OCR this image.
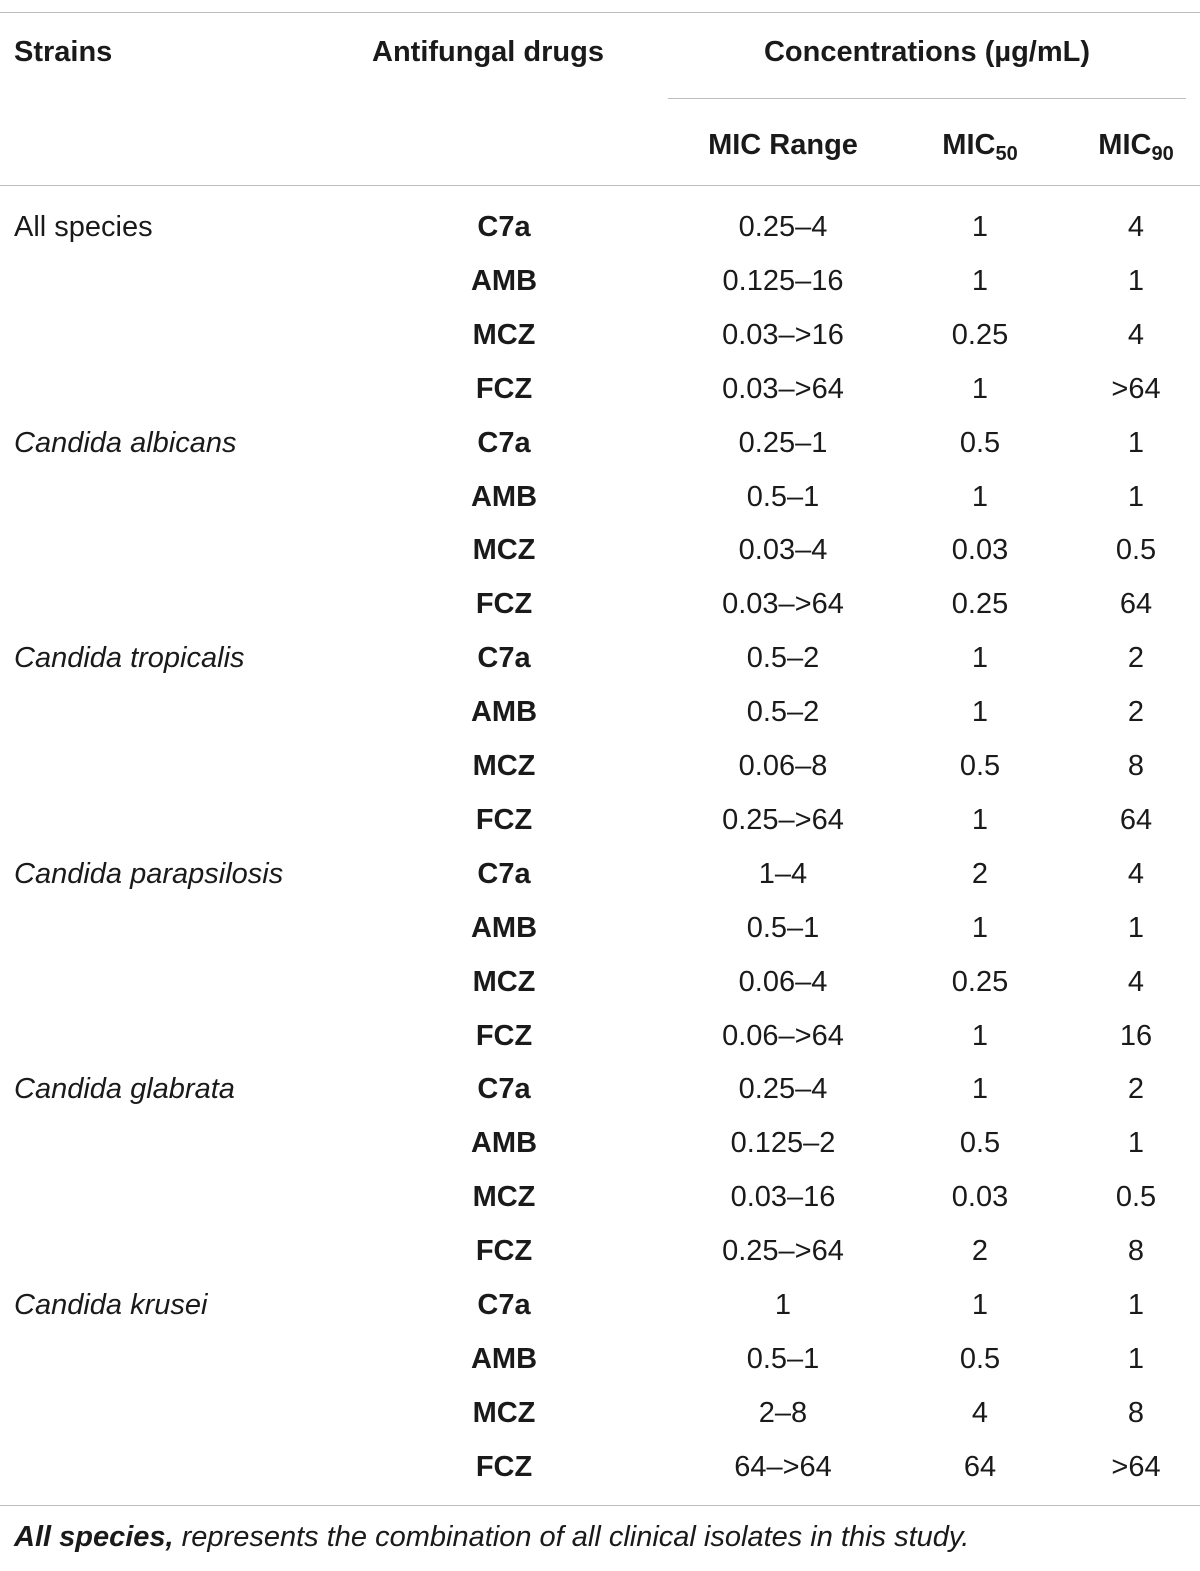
Strains	Antifungal drugs	Concentrations (µg/mL)
MIC Range	$MIC_{50}$	$MIC_{90}$
All species	C7a	0.25–4	1	4
AMB	0.125–16	1	1
MCZ	0.03–>16	0.25	4
FCZ	0.03–>64	1	>64
Candida albicans	C7a	0.25–1	0.5	1
AMB	0.5–1	1	1
MCZ	0.03–4	0.03	0.5
FCZ	0.03–>64	0.25	64
Candida tropicalis	C7a	0.5–2	1	2
AMB	0.5–2	1	2
MCZ	0.06–8	0.5	8
FCZ	0.25–>64	1	64
Candida parapsilosis	C7a	1–4	2	4
AMB	0.5–1	1	1
MCZ	0.06–4	0.25	4
FCZ	0.06–>64	1	16
Candida glabrata	C7a	0.25–4	1	2
AMB	0.125–2	0.5	1
MCZ	0.03–16	0.03	0.5
FCZ	0.25–>64	2	8
Candida krusei	C7a	1	1	1
AMB	0.5–1	0.5	1
MCZ	2–8	4	8
FCZ	64–>64	64	>64
All species, represents the combination of all clinical isolates in this study.
